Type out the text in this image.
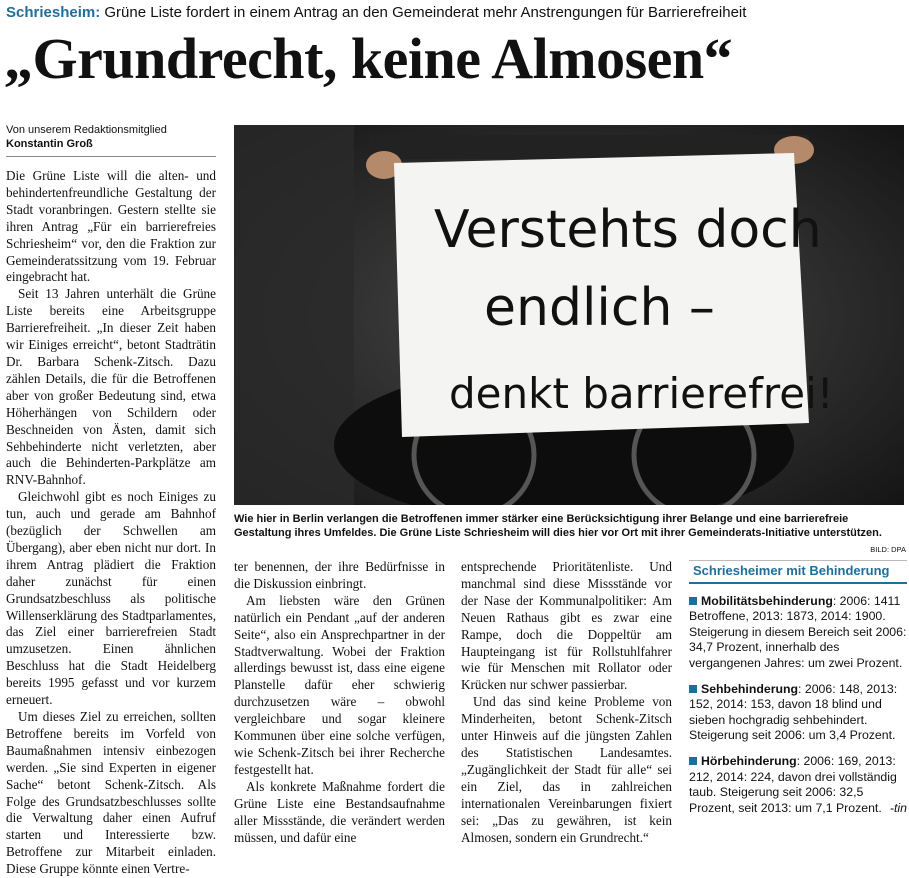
Schriesheim: Grüne Liste fordert in einem Antrag an den Gemeinderat mehr Anstrengungen für Barrierefreiheit
„Grundrecht, keine Almosen“
Von unserem Redaktionsmitglied
Konstantin Groß

Die Grüne Liste will die alten- und behindertenfreundliche Gestaltung der Stadt voranbringen. Gestern stellte sie ihren Antrag „Für ein barrierefreies Schriesheim“ vor, den die Fraktion zur Gemeinderatssitzung vom 19. Februar eingebracht hat.

Seit 13 Jahren unterhält die Grüne Liste bereits eine Arbeitsgruppe Barrierefreiheit. „In dieser Zeit haben wir Einiges erreicht“, betont Stadträtin Dr. Barbara Schenk-Zitsch. Dazu zählen Details, die für die Betroffenen aber von großer Bedeutung sind, etwa Höherhängen von Schildern oder Beschneiden von Ästen, damit sich Sehbehinderte nicht verletzten, aber auch die Behinderten-Parkplätze am RNV-Bahnhof.

Gleichwohl gibt es noch Einiges zu tun, auch und gerade am Bahnhof (bezüglich der Schwellen am Übergang), aber eben nicht nur dort. In ihrem Antrag plädiert die Fraktion daher zunächst für einen Grundsatzbeschluss als politische Willenserklärung des Stadtparlamentes, das Ziel einer barrierefreien Stadt umzusetzen. Einen ähnlichen Beschluss hat die Stadt Heidelberg bereits 1995 gefasst und vor kurzem erneuert.

Um dieses Ziel zu erreichen, sollten Betroffene bereits im Vorfeld von Baumaßnahmen intensiv einbezogen werden. „Sie sind Experten in eigener Sache“ betont Schenk-Zitsch. Als Folge des Grundsatzbeschlusses sollte die Verwaltung daher einen Aufruf starten und Interessierte bzw. Betroffene zur Mitarbeit einladen. Diese Gruppe könnte einen Vertre-

Verstehts doch
endlich –
denkt barrierefrei!
Wie hier in Berlin verlangen die Betroffenen immer stärker eine Berücksichtigung ihrer Belange und eine barrierefreie Gestaltung ihres Umfeldes. Die Grüne Liste Schriesheim will dies hier vor Ort mit ihrer Gemeinderats-Initiative unterstützen.
BILD: DPA

ter benennen, der ihre Bedürfnisse in die Diskussion einbringt.

Am liebsten wäre den Grünen natürlich ein Pendant „auf der anderen Seite“, also ein Ansprechpartner in der Stadtverwaltung. Wobei der Fraktion allerdings bewusst ist, dass eine eigene Planstelle dafür eher schwierig durchzusetzen wäre – obwohl vergleichbare und sogar kleinere Kommunen über eine solche verfügen, wie Schenk-Zitsch bei ihrer Recherche festgestellt hat.

Als konkrete Maßnahme fordert die Grüne Liste eine Bestandsaufnahme aller Missstände, die verändert werden müssen, und dafür eine

entsprechende Prioritätenliste. Und manchmal sind diese Missstände vor der Nase der Kommunalpolitiker: Am Neuen Rathaus gibt es zwar eine Rampe, doch die Doppeltür am Haupteingang ist für Rollstuhlfahrer wie für Menschen mit Rollator oder Krücken nur schwer passierbar.

Und das sind keine Probleme von Minderheiten, betont Schenk-Zitsch unter Hinweis auf die jüngsten Zahlen des Statistischen Landesamtes. „Zugänglichkeit der Stadt für alle“ sei ein Ziel, das in zahlreichen internationalen Vereinbarungen fixiert sei: „Das zu gewähren, ist kein Almosen, sondern ein Grundrecht.“

Schriesheimer mit Behinderung
Mobilitätsbehinderung: 2006: 1411 Betroffene, 2013: 1873, 2014: 1900. Steigerung in diesem Bereich seit 2006: 34,7 Prozent, innerhalb des vergangenen Jahres: um zwei Prozent.
Sehbehinderung: 2006: 148, 2013: 152, 2014: 153, davon 18 blind und sieben hochgradig sehbehindert. Steigerung seit 2006: um 3,4 Prozent.
Hörbehinderung: 2006: 169, 2013: 212, 2014: 224, davon drei vollständig taub. Steigerung seit 2006: 32,5 Prozent, seit 2013: um 7,1 Prozent. -tin
